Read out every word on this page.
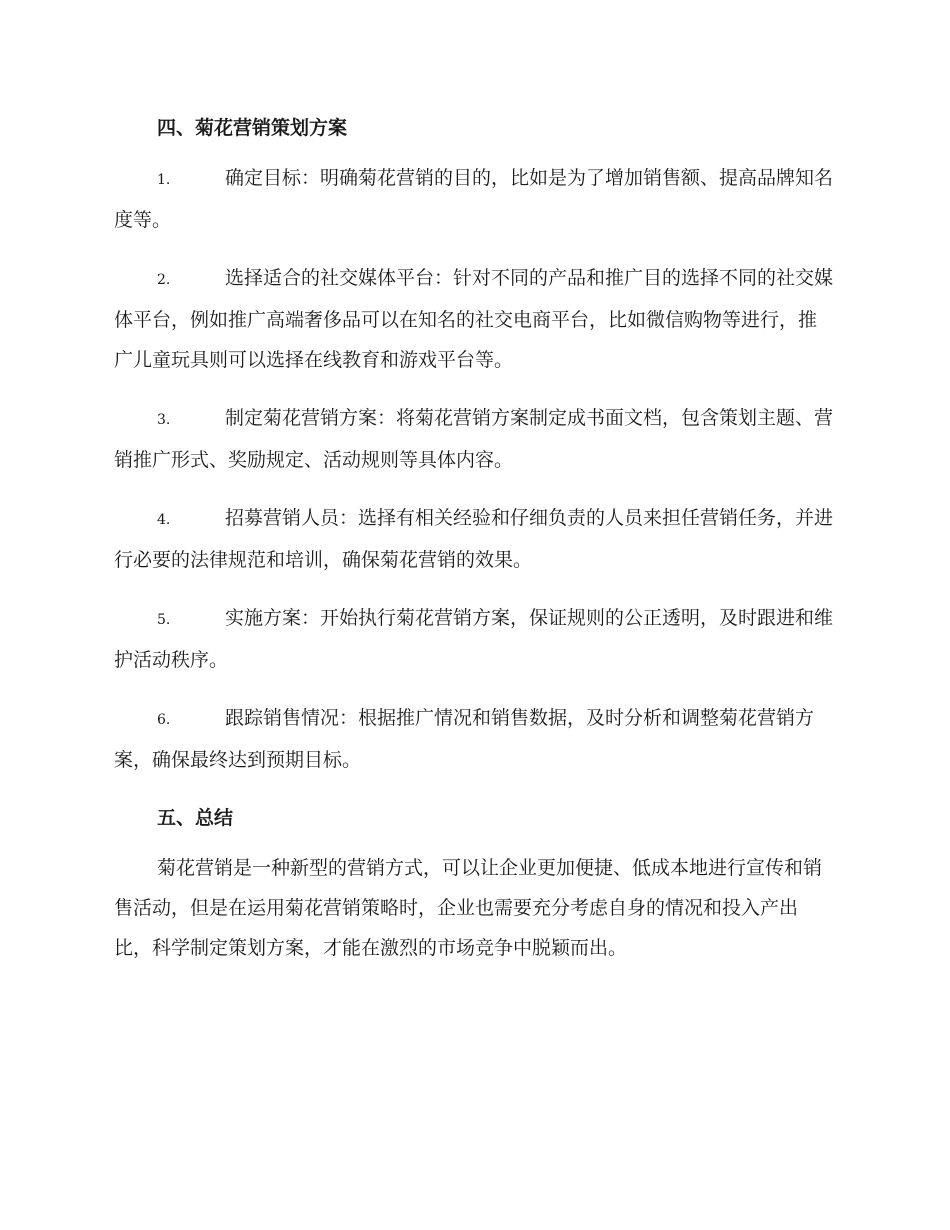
四、菊花营销策划方案
1.	确定目标：明确菊花营销的目的，比如是为了增加销售额、提高品牌知名度等。
2.	选择适合的社交媒体平台：针对不同的产品和推广目的选择不同的社交媒体平台，例如推广高端奢侈品可以在知名的社交电商平台，比如微信购物等进行，推广儿童玩具则可以选择在线教育和游戏平台等。
3.	制定菊花营销方案：将菊花营销方案制定成书面文档，包含策划主题、营销推广形式、奖励规定、活动规则等具体内容。
4.	招募营销人员：选择有相关经验和仔细负责的人员来担任营销任务，并进行必要的法律规范和培训，确保菊花营销的效果。
5.	实施方案：开始执行菊花营销方案，保证规则的公正透明，及时跟进和维护活动秩序。
6.	跟踪销售情况：根据推广情况和销售数据，及时分析和调整菊花营销方案，确保最终达到预期目标。
五、总结

菊花营销是一种新型的营销方式，可以让企业更加便捷、低成本地进行宣传和销售活动，但是在运用菊花营销策略时，企业也需要充分考虑自身的情况和投入产出比，科学制定策划方案，才能在激烈的市场竞争中脱颖而出。
